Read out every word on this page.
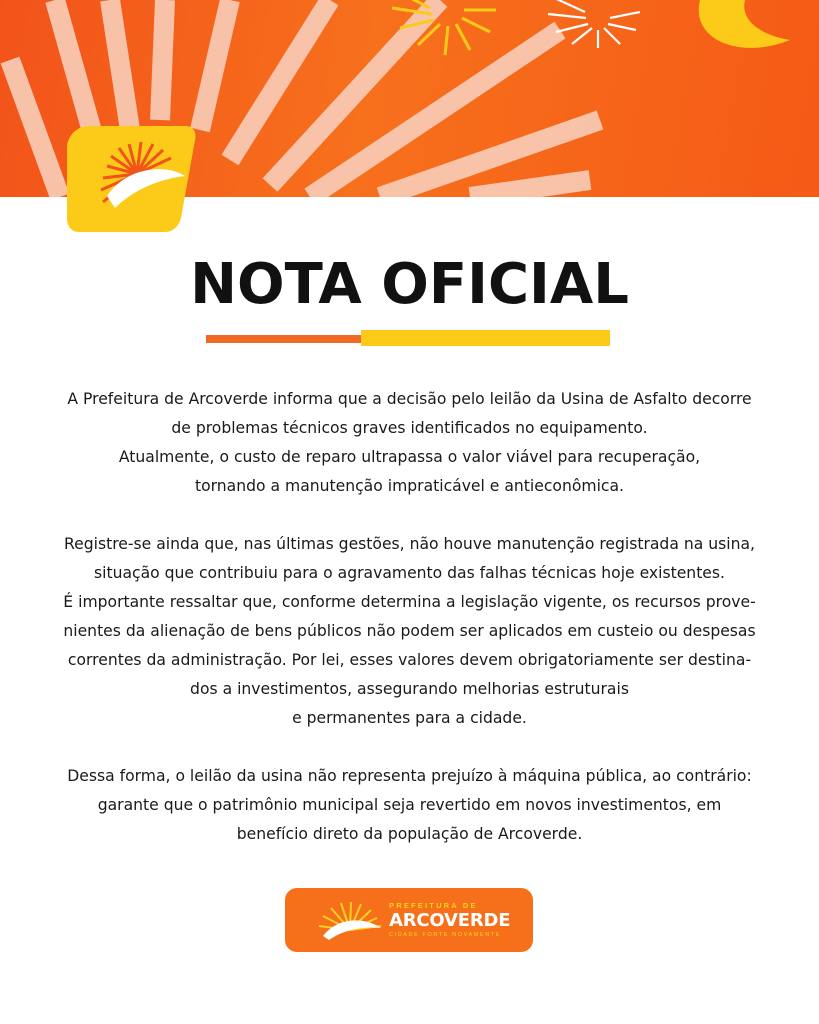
NOTA OFICIAL

A Prefeitura de Arcoverde informa que a decisão pelo leilão da Usina de Asfalto decorre
de problemas técnicos graves identificados no equipamento.
Atualmente, o custo de reparo ultrapassa o valor viável para recuperação,
tornando a manutenção impraticável e antieconômica.

Registre-se ainda que, nas últimas gestões, não houve manutenção registrada na usina,
situação que contribuiu para o agravamento das falhas técnicas hoje existentes.
É importante ressaltar que, conforme determina a legislação vigente, os recursos prove-
nientes da alienação de bens públicos não podem ser aplicados em custeio ou despesas
correntes da administração. Por lei, esses valores devem obrigatoriamente ser destina-
dos a investimentos, assegurando melhorias estruturais
e permanentes para a cidade.

Dessa forma, o leilão da usina não representa prejuízo à máquina pública, ao contrário:
garante que o patrimônio municipal seja revertido em novos investimentos, em
benefício direto da população de Arcoverde.

PREFEITURA DE
ARCOVERDE
CIDADE FORTE NOVAMENTE
